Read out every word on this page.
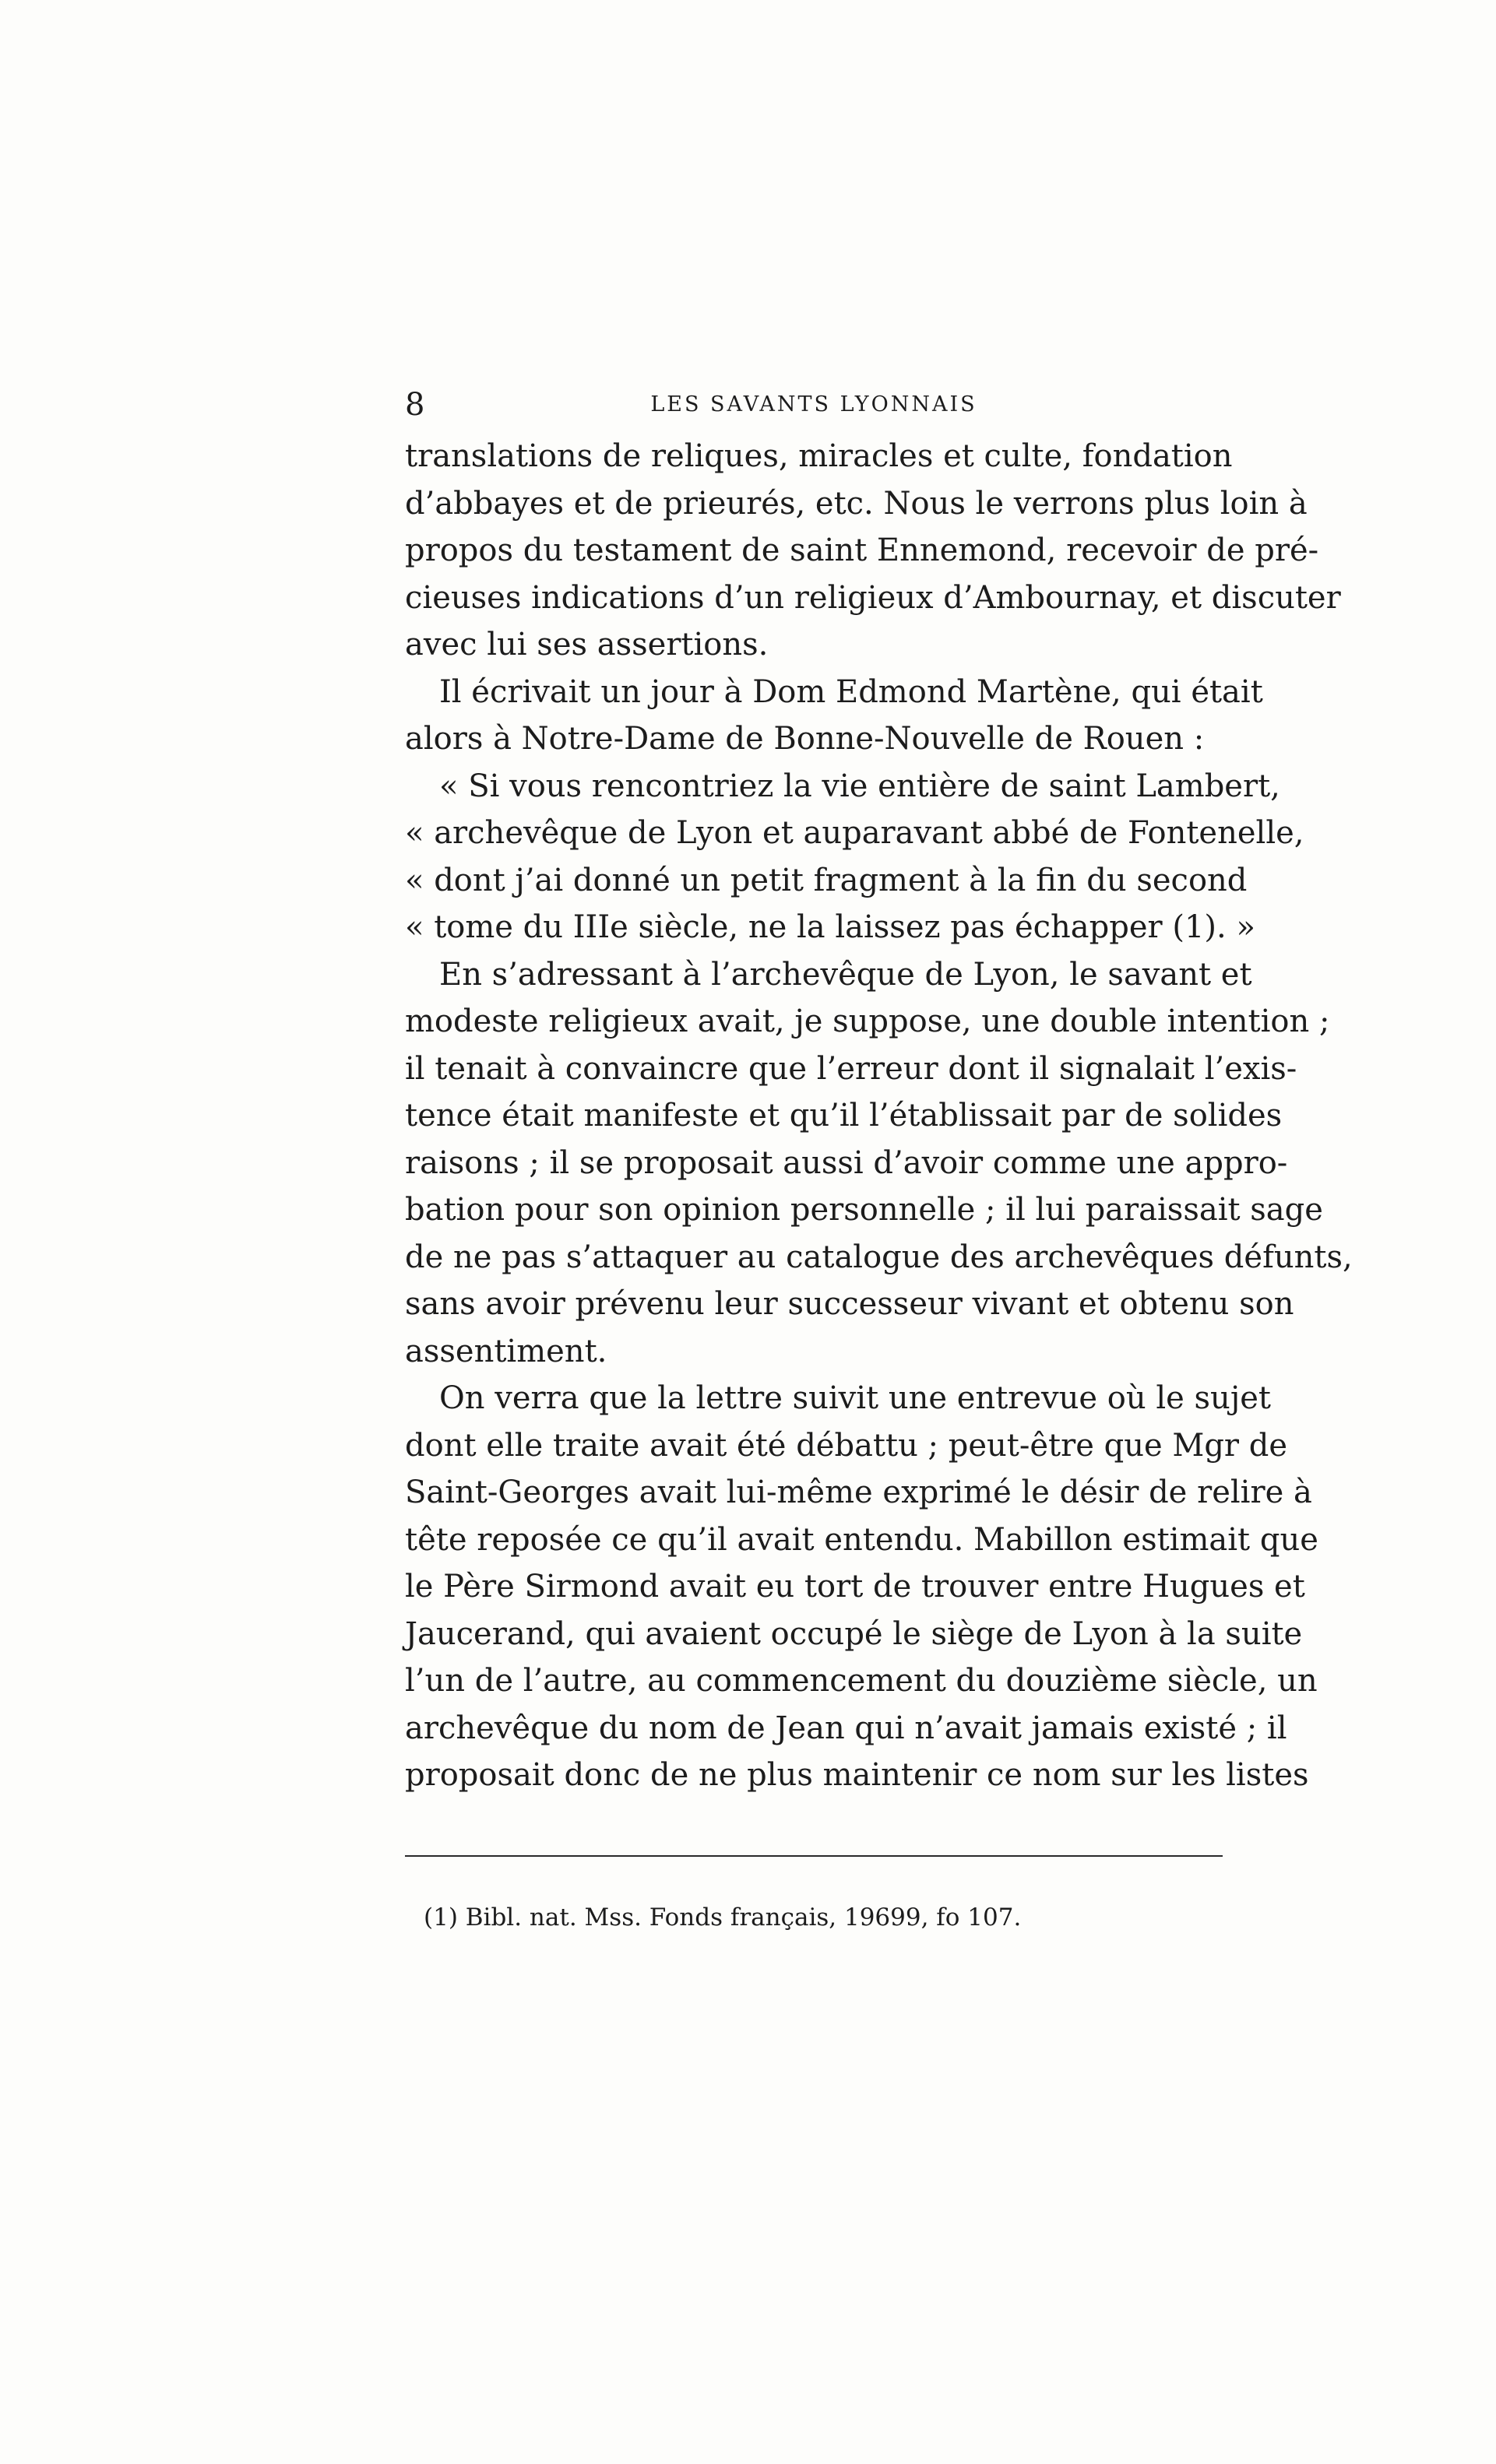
8	LES SAVANTS LYONNAIS
translations de reliques, miracles et culte, fondation
d’abbayes et de prieurés, etc. Nous le verrons plus loin à
propos du testament de saint Ennemond, recevoir de pré-
cieuses indications d’un religieux d’Ambournay, et discuter
avec lui ses assertions.
Il écrivait un jour à Dom Edmond Martène, qui était
alors à Notre-Dame de Bonne-Nouvelle de Rouen :
« Si vous rencontriez la vie entière de saint Lambert,
« archevêque de Lyon et auparavant abbé de Fontenelle,
« dont j’ai donné un petit fragment à la fin du second
« tome du IIIe siècle, ne la laissez pas échapper (1). »
En s’adressant à l’archevêque de Lyon, le savant et
modeste religieux avait, je suppose, une double intention ;
il tenait à convaincre que l’erreur dont il signalait l’exis-
tence était manifeste et qu’il l’établissait par de solides
raisons ; il se proposait aussi d’avoir comme une appro-
bation pour son opinion personnelle ; il lui paraissait sage
de ne pas s’attaquer au catalogue des archevêques défunts,
sans avoir prévenu leur successeur vivant et obtenu son
assentiment.
On verra que la lettre suivit une entrevue où le sujet
dont elle traite avait été débattu ; peut-être que Mgr de
Saint-Georges avait lui-même exprimé le désir de relire à
tête reposée ce qu’il avait entendu. Mabillon estimait que
le Père Sirmond avait eu tort de trouver entre Hugues et
Jaucerand, qui avaient occupé le siège de Lyon à la suite
l’un de l’autre, au commencement du douzième siècle, un
archevêque du nom de Jean qui n’avait jamais existé ; il
proposait donc de ne plus maintenir ce nom sur les listes
(1) Bibl. nat. Mss. Fonds français, 19699, fo 107.
